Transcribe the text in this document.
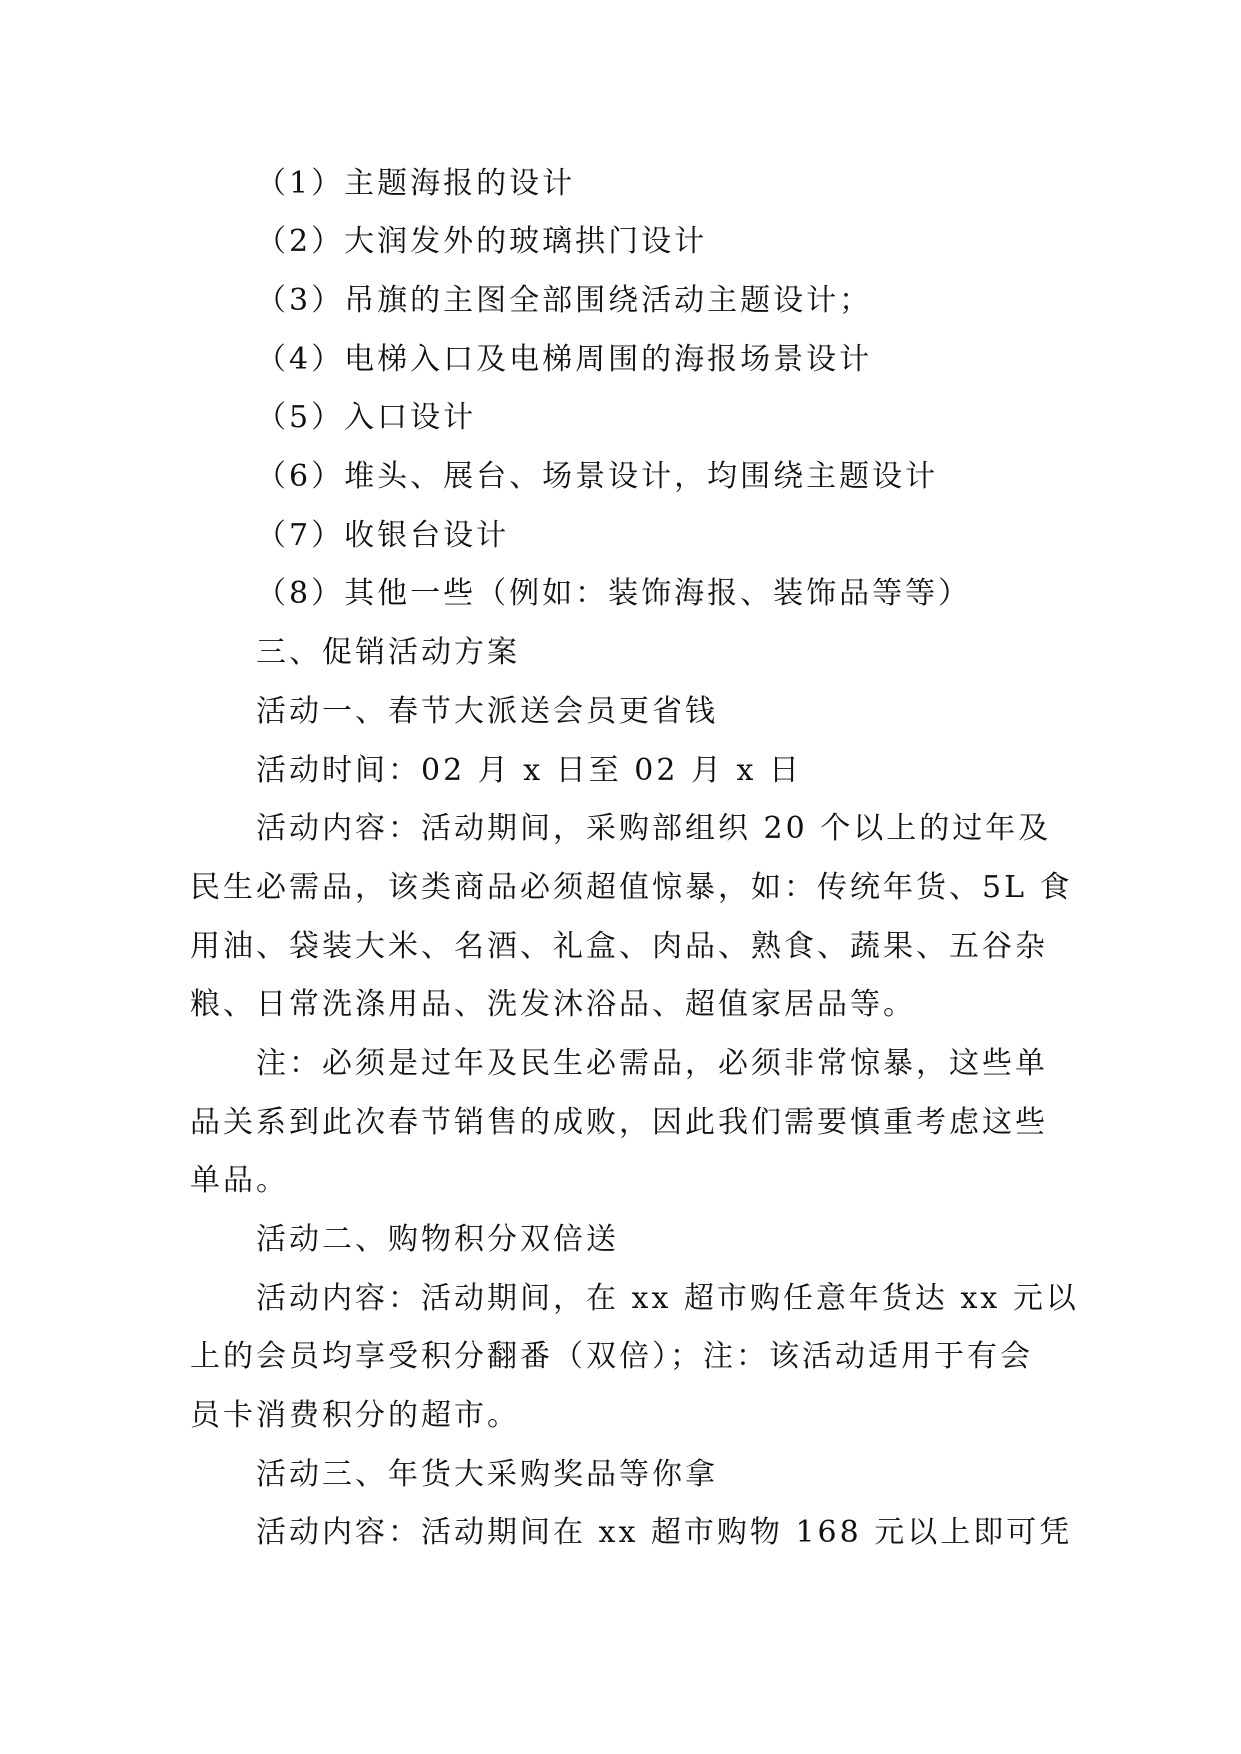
（1）主题海报的设计
（2）大润发外的玻璃拱门设计
（3）吊旗的主图全部围绕活动主题设计；
（4）电梯入口及电梯周围的海报场景设计
（5）入口设计
（6）堆头、展台、场景设计，均围绕主题设计
（7）收银台设计
（8）其他一些（例如：装饰海报、装饰品等等）
三、促销活动方案
活动一、春节大派送会员更省钱
活动时间：02 月 x 日至 02 月 x 日
活动内容：活动期间，采购部组织 20 个以上的过年及
民生必需品，该类商品必须超值惊暴，如：传统年货、5L 食
用油、袋装大米、名酒、礼盒、肉品、熟食、蔬果、五谷杂
粮、日常洗涤用品、洗发沐浴品、超值家居品等。
注：必须是过年及民生必需品，必须非常惊暴，这些单
品关系到此次春节销售的成败，因此我们需要慎重考虑这些
单品。
活动二、购物积分双倍送
活动内容：活动期间，在 xx 超市购任意年货达 xx 元以
上的会员均享受积分翻番（双倍）；注：该活动适用于有会
员卡消费积分的超市。
活动三、年货大采购奖品等你拿
活动内容：活动期间在 xx 超市购物 168 元以上即可凭
